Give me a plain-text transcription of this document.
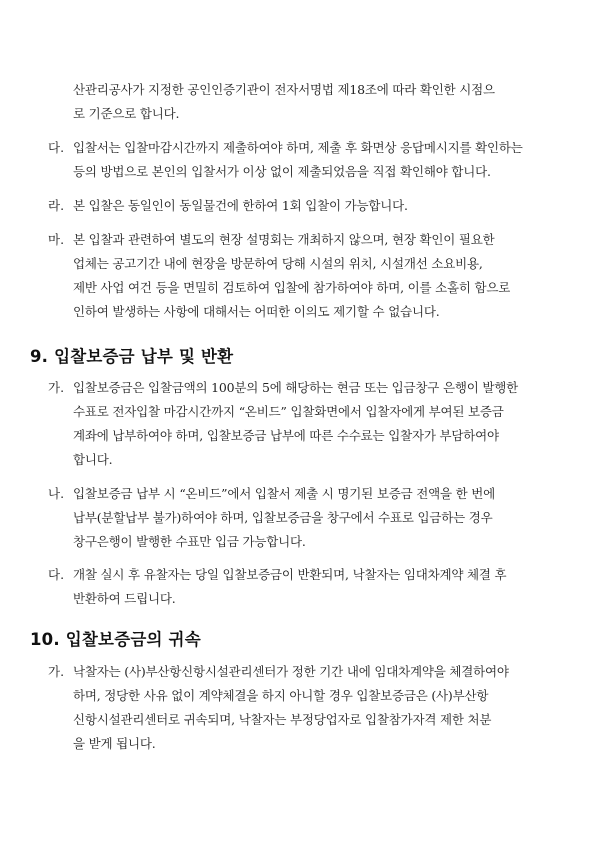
산관리공사가 지정한 공인인증기관이 전자서명법 제18조에 따라 확인한 시점으
로 기준으로 합니다.
다. 입찰서는 입찰마감시간까지 제출하여야 하며, 제출 후 화면상 응답메시지를 확인하는
등의 방법으로 본인의 입찰서가 이상 없이 제출되었음을 직접 확인해야 합니다.
라. 본 입찰은 동일인이 동일물건에 한하여 1회 입찰이 가능합니다.
마. 본 입찰과 관련하여 별도의 현장 설명회는 개최하지 않으며, 현장 확인이 필요한
업체는 공고기간 내에 현장을 방문하여 당해 시설의 위치, 시설개선 소요비용,
제반 사업 여건 등을 면밀히 검토하여 입찰에 참가하여야 하며, 이를 소홀히 함으로
인하여 발생하는 사항에 대해서는 어떠한 이의도 제기할 수 없습니다.
9. 입찰보증금 납부 및 반환
가. 입찰보증금은 입찰금액의 100분의 5에 해당하는 현금 또는 입금창구 은행이 발행한
수표로 전자입찰 마감시간까지 “온비드” 입찰화면에서 입찰자에게 부여된 보증금
계좌에 납부하여야 하며, 입찰보증금 납부에 따른 수수료는 입찰자가 부담하여야
합니다.
나. 입찰보증금 납부 시 “온비드”에서 입찰서 제출 시 명기된 보증금 전액을 한 번에
납부(분할납부 불가)하여야 하며, 입찰보증금을 창구에서 수표로 입금하는 경우
창구은행이 발행한 수표만 입금 가능합니다.
다. 개찰 실시 후 유찰자는 당일 입찰보증금이 반환되며, 낙찰자는 임대차계약 체결 후
반환하여 드립니다.
10. 입찰보증금의 귀속
가. 낙찰자는 (사)부산항신항시설관리센터가 정한 기간 내에 임대차계약을 체결하여야
하며, 정당한 사유 없이 계약체결을 하지 아니할 경우 입찰보증금은 (사)부산항
신항시설관리센터로 귀속되며, 낙찰자는 부정당업자로 입찰참가자격 제한 처분
을 받게 됩니다.
